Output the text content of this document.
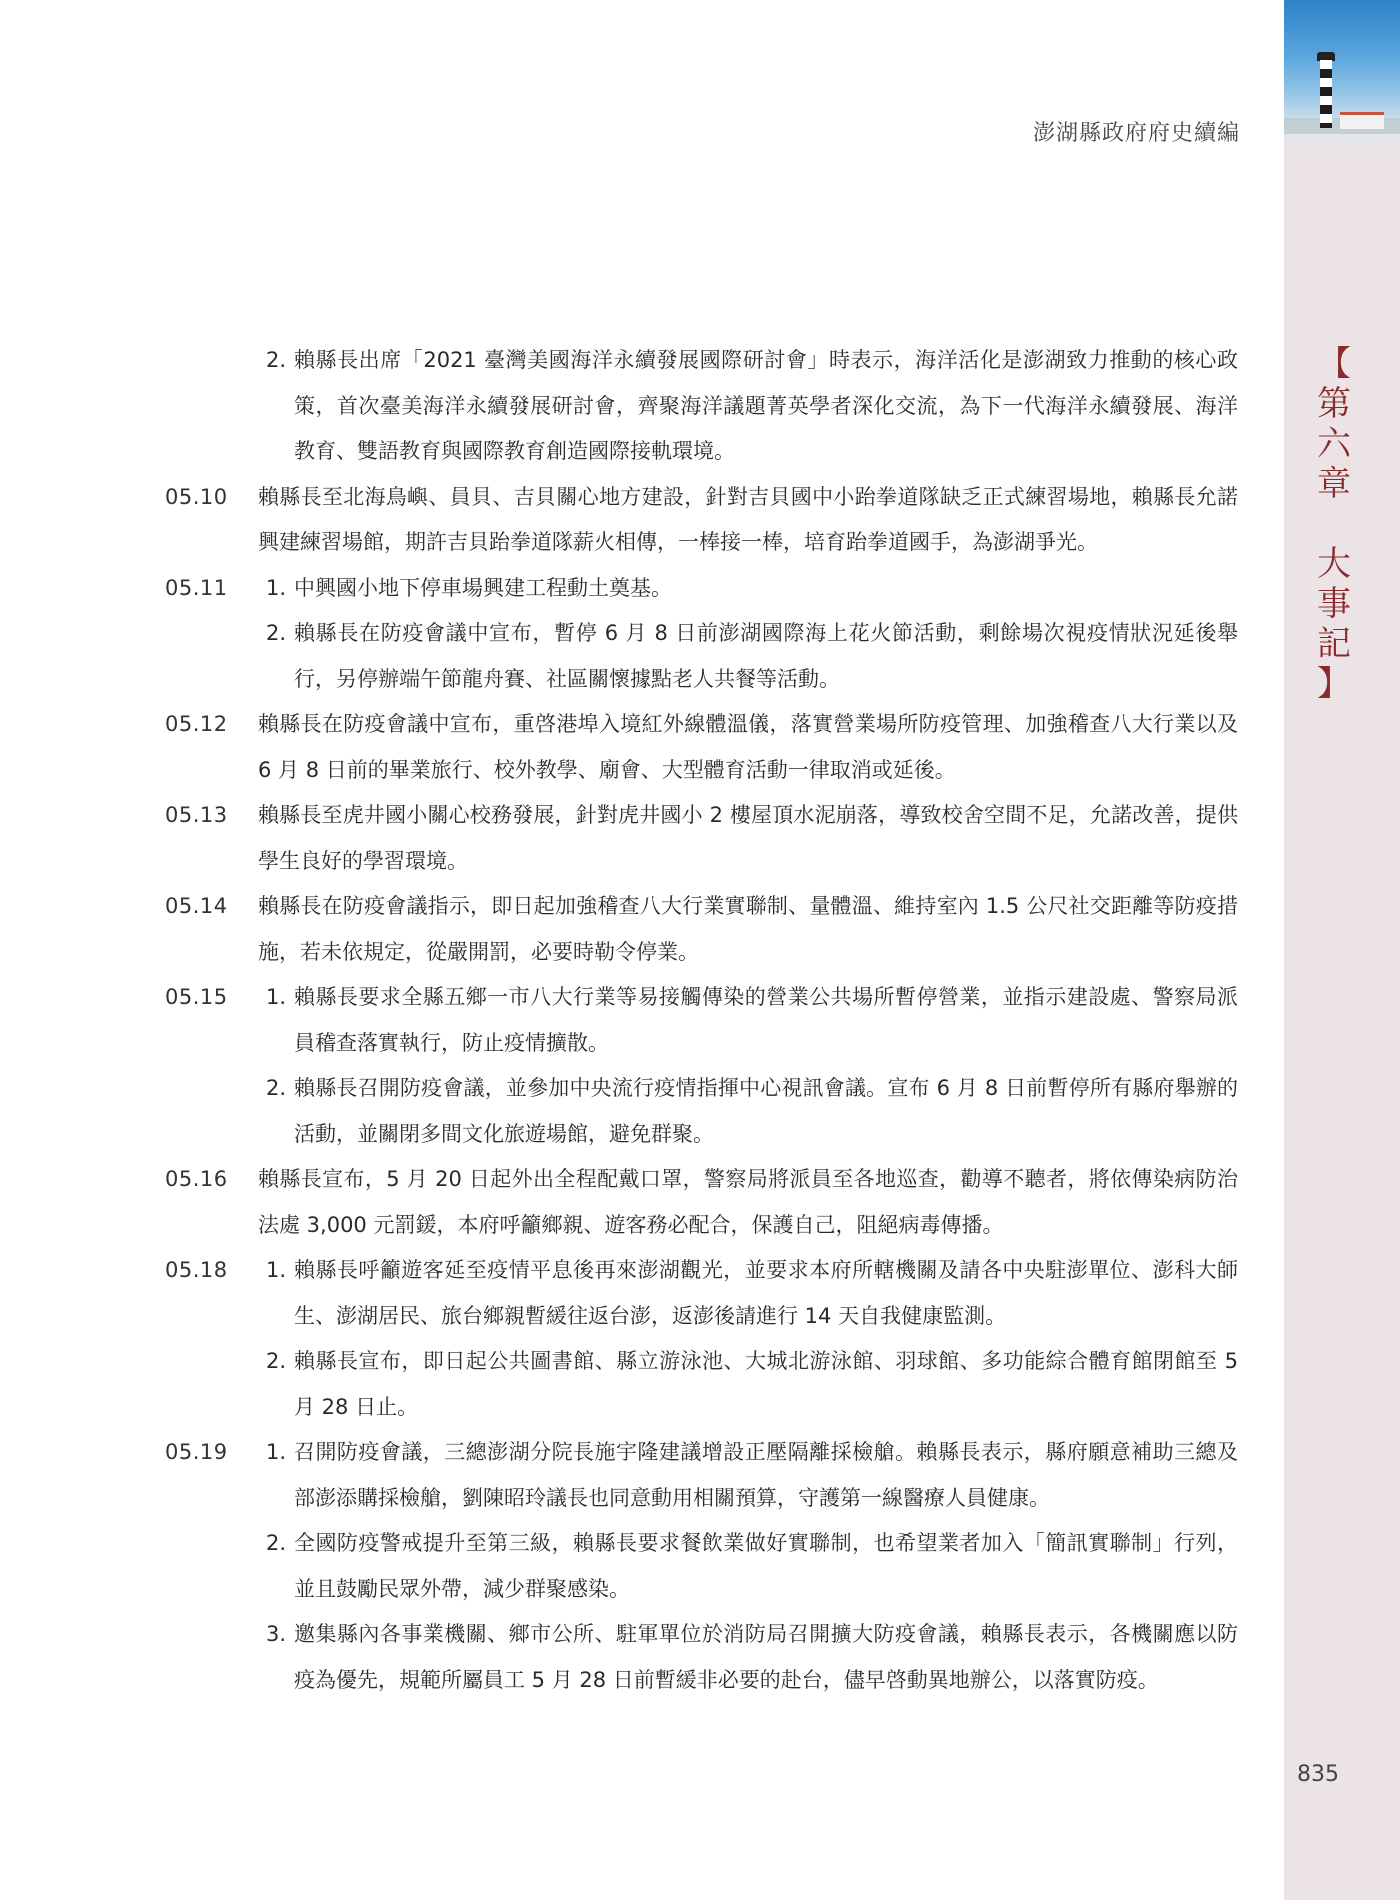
澎湖縣政府府史續編
【
第
六
章

大
事
記
】
2. 賴縣長出席「2021 臺灣美國海洋永續發展國際研討會」時表示，海洋活化是澎湖致力推動的核心政策，首次臺美海洋永續發展研討會，齊聚海洋議題菁英學者深化交流，為下一代海洋永續發展、海洋教育、雙語教育與國際教育創造國際接軌環境。
05.10 賴縣長至北海鳥嶼、員貝、吉貝關心地方建設，針對吉貝國中小跆拳道隊缺乏正式練習場地，賴縣長允諾興建練習場館，期許吉貝跆拳道隊薪火相傳，一棒接一棒，培育跆拳道國手，為澎湖爭光。
05.11 1. 中興國小地下停車場興建工程動土奠基。
2. 賴縣長在防疫會議中宣布，暫停 6 月 8 日前澎湖國際海上花火節活動，剩餘場次視疫情狀況延後舉行，另停辦端午節龍舟賽、社區關懷據點老人共餐等活動。
05.12 賴縣長在防疫會議中宣布，重啓港埠入境紅外線體溫儀，落實營業場所防疫管理、加強稽查八大行業以及 6 月 8 日前的畢業旅行、校外教學、廟會、大型體育活動一律取消或延後。
05.13 賴縣長至虎井國小關心校務發展，針對虎井國小 2 樓屋頂水泥崩落，導致校舍空間不足，允諾改善，提供學生良好的學習環境。
05.14 賴縣長在防疫會議指示，即日起加強稽查八大行業實聯制、量體溫、維持室內 1.5 公尺社交距離等防疫措施，若未依規定，從嚴開罰，必要時勒令停業。
05.15 1. 賴縣長要求全縣五鄉一市八大行業等易接觸傳染的營業公共場所暫停營業，並指示建設處、警察局派員稽查落實執行，防止疫情擴散。
2. 賴縣長召開防疫會議，並參加中央流行疫情指揮中心視訊會議。宣布 6 月 8 日前暫停所有縣府舉辦的活動，並關閉多間文化旅遊場館，避免群聚。
05.16 賴縣長宣布，5 月 20 日起外出全程配戴口罩，警察局將派員至各地巡查，勸導不聽者，將依傳染病防治法處 3,000 元罰鍰，本府呼籲鄉親、遊客務必配合，保護自己，阻絕病毒傳播。
05.18 1. 賴縣長呼籲遊客延至疫情平息後再來澎湖觀光，並要求本府所轄機關及請各中央駐澎單位、澎科大師生、澎湖居民、旅台鄉親暫緩往返台澎，返澎後請進行 14 天自我健康監測。
2. 賴縣長宣布，即日起公共圖書館、縣立游泳池、大城北游泳館、羽球館、多功能綜合體育館閉館至 5 月 28 日止。
05.19 1. 召開防疫會議，三總澎湖分院長施宇隆建議增設正壓隔離採檢艙。賴縣長表示，縣府願意補助三總及部澎添購採檢艙，劉陳昭玲議長也同意動用相關預算，守護第一線醫療人員健康。
2. 全國防疫警戒提升至第三級，賴縣長要求餐飲業做好實聯制，也希望業者加入「簡訊實聯制」行列，並且鼓勵民眾外帶，減少群聚感染。
3. 邀集縣內各事業機關、鄉市公所、駐軍單位於消防局召開擴大防疫會議，賴縣長表示，各機關應以防疫為優先，規範所屬員工 5 月 28 日前暫緩非必要的赴台，儘早啓動異地辦公，以落實防疫。
835
